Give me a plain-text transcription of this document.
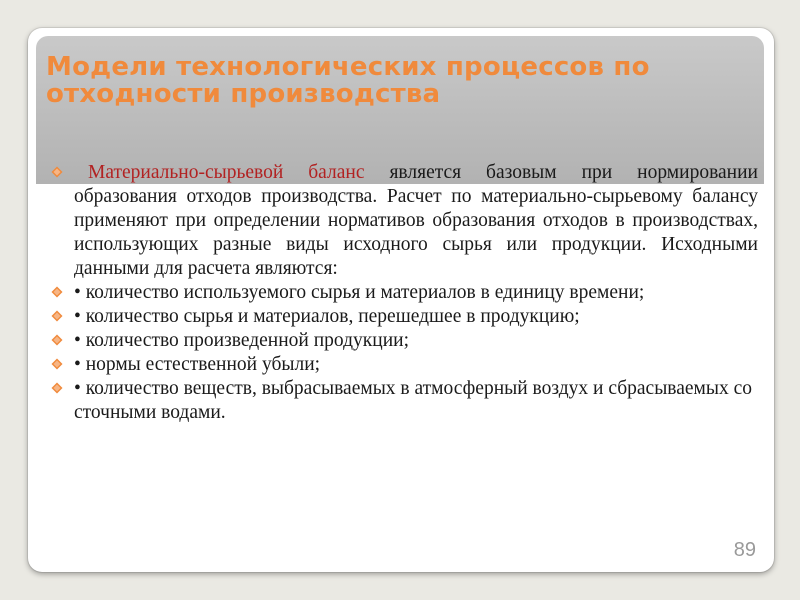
Модели технологических процессов по отходности производства
Материально-сырьевой баланс является базовым при нормировании образования отходов производства. Расчет по материально-сырьевому балансу применяют при определении нормативов образования отходов в производствах, использующих разные виды исходного сырья или продукции. Исходными данными для расчета являются:
• количество используемого сырья и материалов в единицу времени;
• количество сырья и материалов, перешедшее в продукцию;
• количество произведенной продукции;
• нормы естественной убыли;
• количество веществ, выбрасываемых в атмосферный воздух и сбрасываемых со сточными водами.
89
